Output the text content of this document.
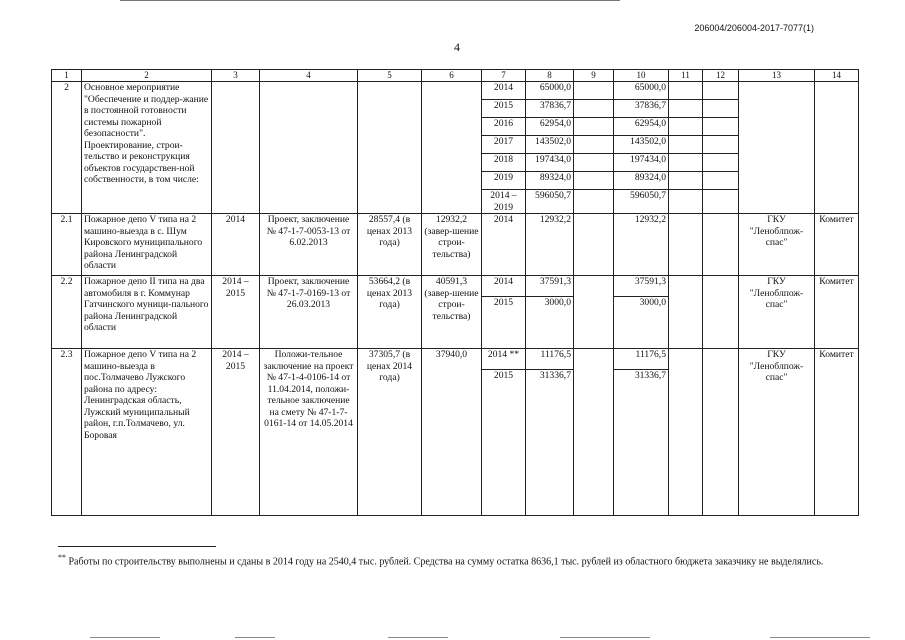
206004/206004-2017-7077(1)
4
1	2	3	4	5	6	7	8	9	10	11	12	13	14
2	Основное мероприятие "Обеспечение и поддер-жание в постоянной готовности системы пожарной безопасности". Проектирование, строи-тельство и реконструкция объектов государствен-ной собственности, в том числе:					2014	65000,0		65000,0				
						2015	37836,7		37836,7				
						2016	62954,0		62954,0				
						2017	143502,0		143502,0				
						2018	197434,0		197434,0				
						2019	89324,0		89324,0				
						2014 – 2019	596050,7		596050,7				
2.1	Пожарное депо V типа на 2 машино-выезда в с. Шум Кировского муниципального района Ленинградской области	2014	Проект, заключение № 47-1-7-0053-13 от 6.02.2013	28557,4 (в ценах 2013 года)	12932,2 (завер-шение строи-тельства)	2014	12932,2		12932,2			ГКУ "Леноблпож-спас"	Комитет
2.2	Пожарное депо II типа на два автомобиля в г. Коммунар Гатчинского муници-пального района Ленинградской области	2014 – 2015	Проект, заключение № 47-1-7-0169-13 от 26.03.2013	53664,2 (в ценах 2013 года)	40591,3 (завер-шение строи-тельства)	2014	37591,3		37591,3			ГКУ "Леноблпож-спас"	Комитет
						2015	3000,0		3000,0				
2.3	Пожарное депо V типа на 2 машино-выезда в пос.Толмачево Лужского района по адресу: Ленинградская область, Лужский муниципальный район, г.п.Толмачево, ул. Боровая	2014 – 2015	Положи-тельное заключение на проект № 47-1-4-0106-14 от 11.04.2014, положи-тельное заключение на смету № 47-1-7-0161-14 от 14.05.2014	37305,7 (в ценах 2014 года)	37940,0	2014 **	11176,5		11176,5			ГКУ "Леноблпож-спас"	Комитет
						2015	31336,7		31336,7				
** Работы по строительству выполнены и сданы в 2014 году на 2540,4 тыс. рублей. Средства на сумму остатка 8636,1 тыс. рублей из областного бюджета заказчику не выделялись.
